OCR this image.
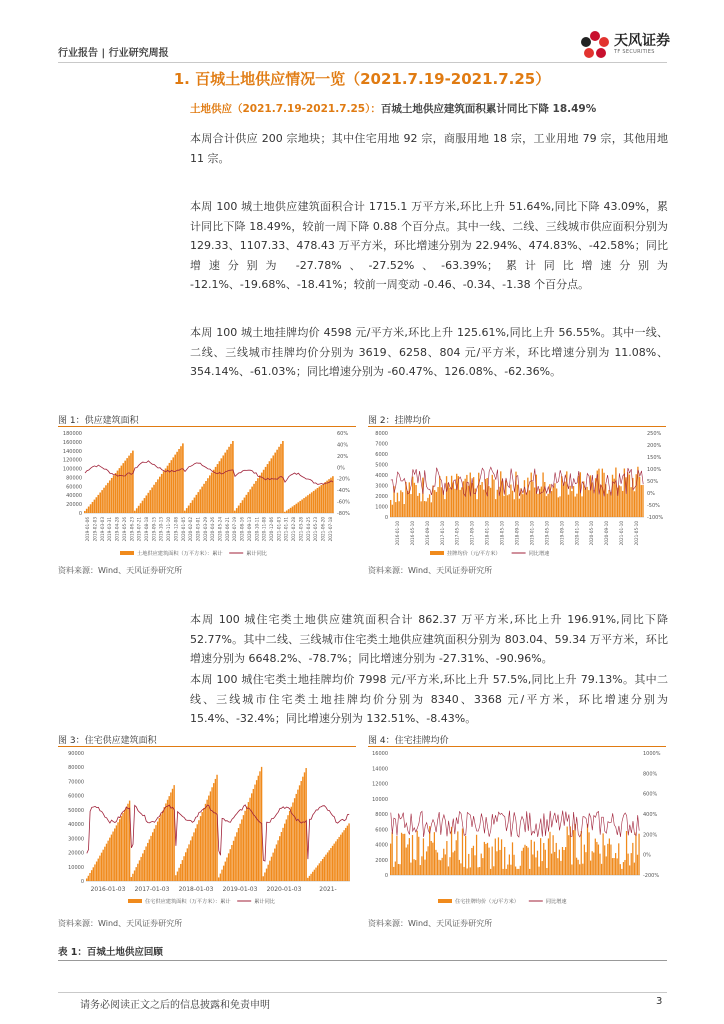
行业报告 | 行业研究周报
天风证券
TF SECURITIES
1. 百城土地供应情况一览（2021.7.19-2021.7.25）
土地供应（2021.7.19-2021.7.25）：百城土地供应建筑面积累计同比下降 18.49%
本周合计供应 200 宗地块；其中住宅用地 92 宗，商服用地 18 宗，工业用地 79 宗，其他用地 11 宗。
本周 100 城土地供应建筑面积合计 1715.1 万平方米,环比上升 51.64%,同比下降 43.09%，累计同比下降 18.49%，较前一周下降 0.88 个百分点。其中一线、二线、三线城市供应面积分别为 129.33、1107.33、478.43 万平方米，环比增速分别为 22.94%、474.83%、-42.58%；同比增速分别为 -27.78%、-27.52%、-63.39%；累计同比增速分别为 -12.1%、-19.68%、-18.41%；较前一周变动 -0.46、-0.34、-1.38 个百分点。
本周 100 城土地挂牌均价 4598 元/平方米,环比上升 125.61%,同比上升 56.55%。其中一线、二线、三线城市挂牌均价分别为 3619、6258、804 元/平方米，环比增速分别为 11.08%、354.14%、-61.03%；同比增速分别为 -60.47%、126.08%、-62.36%。
图 1：供应建筑面积
180000
160000
140000
120000
100000
80000
60000
40000
20000
0
60%
40%
20%
0%
-20%
-40%
-60%
-80%
2019-01-06 2019-02-03 2019-03-03 2019-03-31 2019-04-28 2019-05-26 2019-06-23 2019-07-21 2019-08-18 2019-09-15 2019-10-13 2019-11-10 2019-12-08 2020-01-05 2020-02-02 2020-03-01 2020-03-29 2020-04-26 2020-05-24 2020-06-21 2020-07-19 2020-08-16 2020-09-13 2020-10-11 2020-11-08 2020-12-06 2021-01-03 2021-01-31 2021-02-28 2021-03-28 2021-04-25 2021-05-23 2021-06-20 2021-07-18
土地供应建筑面积（万平方米）：累计	累计同比
资料来源：Wind、天风证券研究所
图 2：挂牌均价
8000
7000
6000
5000
4000
3000
2000
1000
0
250%
200%
150%
100%
50%
0%
-50%
-100%
2016-01-10 2016-05-10 2016-09-10 2017-01-10 2017-05-10 2017-09-10 2018-01-10 2018-05-10 2018-09-10 2019-01-10 2019-05-10 2019-09-10 2020-01-10 2020-05-10 2020-09-10 2021-01-10 2021-05-10
挂牌均价（元/平方米）	同比增速
资料来源：Wind、天风证券研究所
本周 100 城住宅类土地供应建筑面积合计 862.37 万平方米,环比上升 196.91%,同比下降 52.77%。其中二线、三线城市住宅类土地供应建筑面积分别为 803.04、59.34 万平方米，环比增速分别为 6648.2%、-78.7%；同比增速分别为 -27.31%、-90.96%。
本周 100 城住宅类土地挂牌均价 7998 元/平方米,环比上升 57.5%,同比上升 79.13%。其中二线、三线城市住宅类土地挂牌均价分别为 8340、3368 元/平方米，环比增速分别为 15.4%、-32.4%；同比增速分别为 132.51%、-8.43%。
图 3：住宅供应建筑面积
90000
80000
70000
60000
50000
40000
30000
20000
10000
0
2016-01-03 2017-01-03 2018-01-03 2019-01-03 2020-01-03	2021-
住宅供应建筑面积（万平方米）：累计	累计同比
资料来源：Wind、天风证券研究所
图 4：住宅挂牌均价
16000
14000
12000
10000
8000
6000
4000
2000
0
1000%
800%
600%
400%
200%
0%
-200%
住宅挂牌均价（元/平方米）	同比增速
资料来源：Wind、天风证券研究所
表 1：百城土地供应回顾
请务必阅读正文之后的信息披露和免责申明	3
